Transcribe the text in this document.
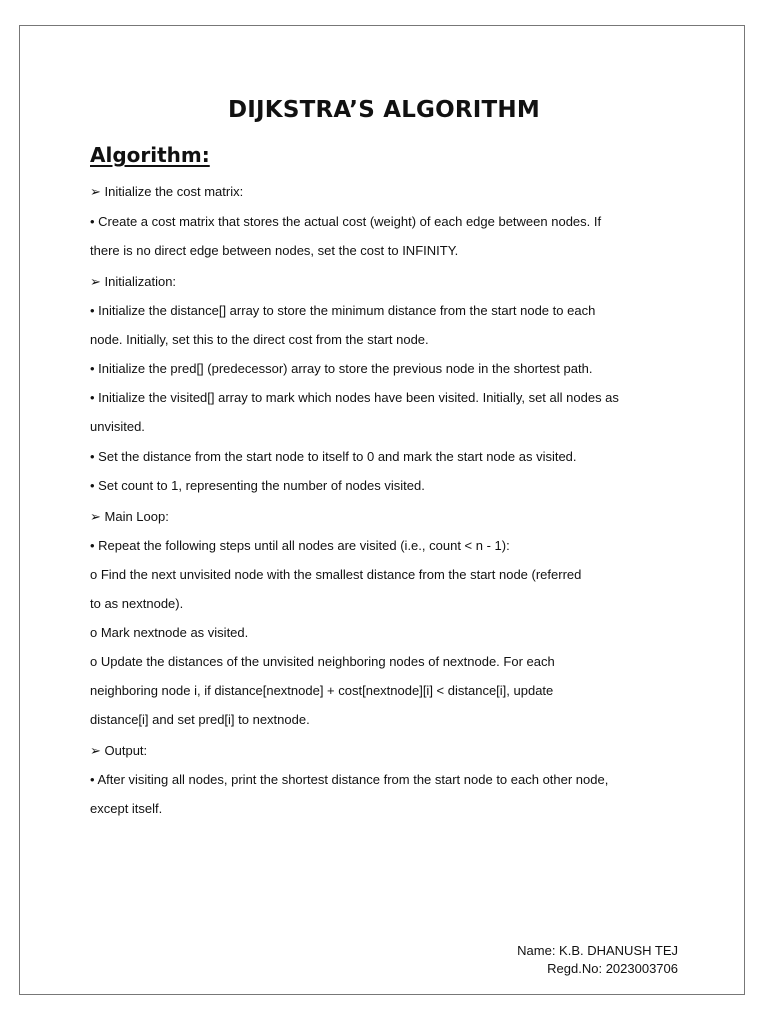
DIJKSTRA’S ALGORITHM
Algorithm:

➢ Initialize the cost matrix:

• Create a cost matrix that stores the actual cost (weight) of each edge between nodes. If

there is no direct edge between nodes, set the cost to INFINITY.

➢ Initialization:

• Initialize the distance[] array to store the minimum distance from the start node to each

node. Initially, set this to the direct cost from the start node.

• Initialize the pred[] (predecessor) array to store the previous node in the shortest path.

• Initialize the visited[] array to mark which nodes have been visited. Initially, set all nodes as

unvisited.

• Set the distance from the start node to itself to 0 and mark the start node as visited.

• Set count to 1, representing the number of nodes visited.

➢ Main Loop:

• Repeat the following steps until all nodes are visited (i.e., count < n - 1):

o Find the next unvisited node with the smallest distance from the start node (referred

to as nextnode).

o Mark nextnode as visited.

o Update the distances of the unvisited neighboring nodes of nextnode. For each

neighboring node i, if distance[nextnode] + cost[nextnode][i] < distance[i], update

distance[i] and set pred[i] to nextnode.

➢ Output:

• After visiting all nodes, print the shortest distance from the start node to each other node,

except itself.

Name: K.B. DHANUSH TEJ

Regd.No: 2023003706
